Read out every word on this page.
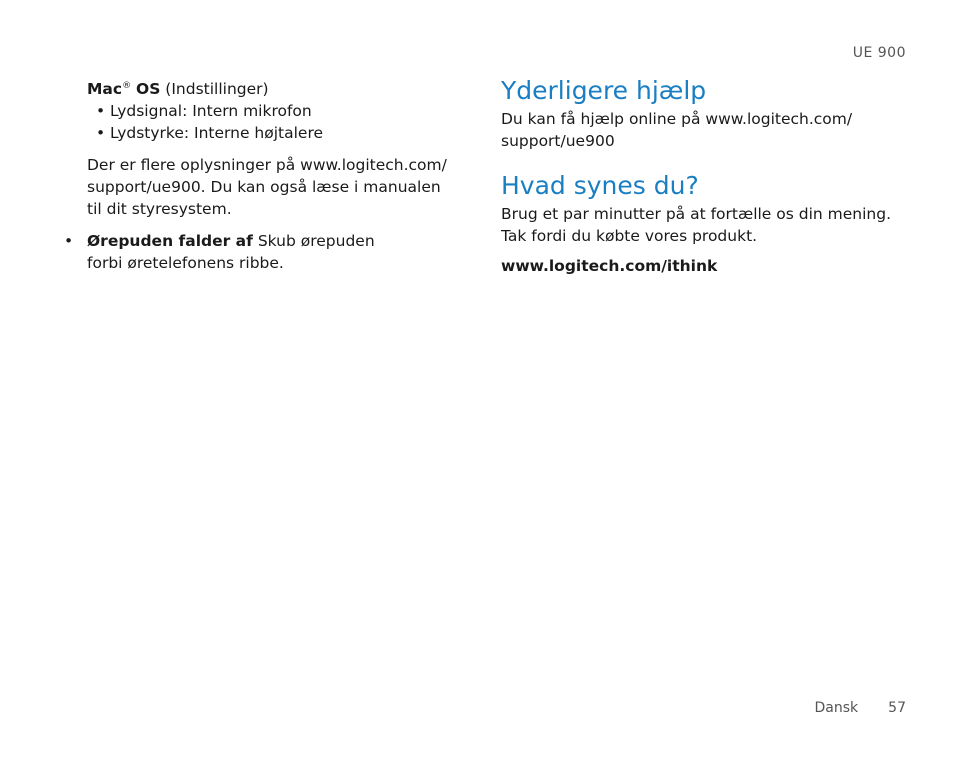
UE 900
Mac® OS (Indstillinger)
• Lydsignal: Intern mikrofon
• Lydstyrke: Interne højtalere
Der er flere oplysninger på www.logitech.com/
support/ue900. Du kan også læse i manualen
til dit styresystem.
• Ørepuden falder af Skub ørepuden
forbi øretelefonens ribbe.
Yderligere hjælp
Du kan få hjælp online på www.logitech.com/
support/ue900
Hvad synes du?
Brug et par minutter på at fortælle os din mening.
Tak fordi du købte vores produkt.
www.logitech.com/ithink
Dansk 57
